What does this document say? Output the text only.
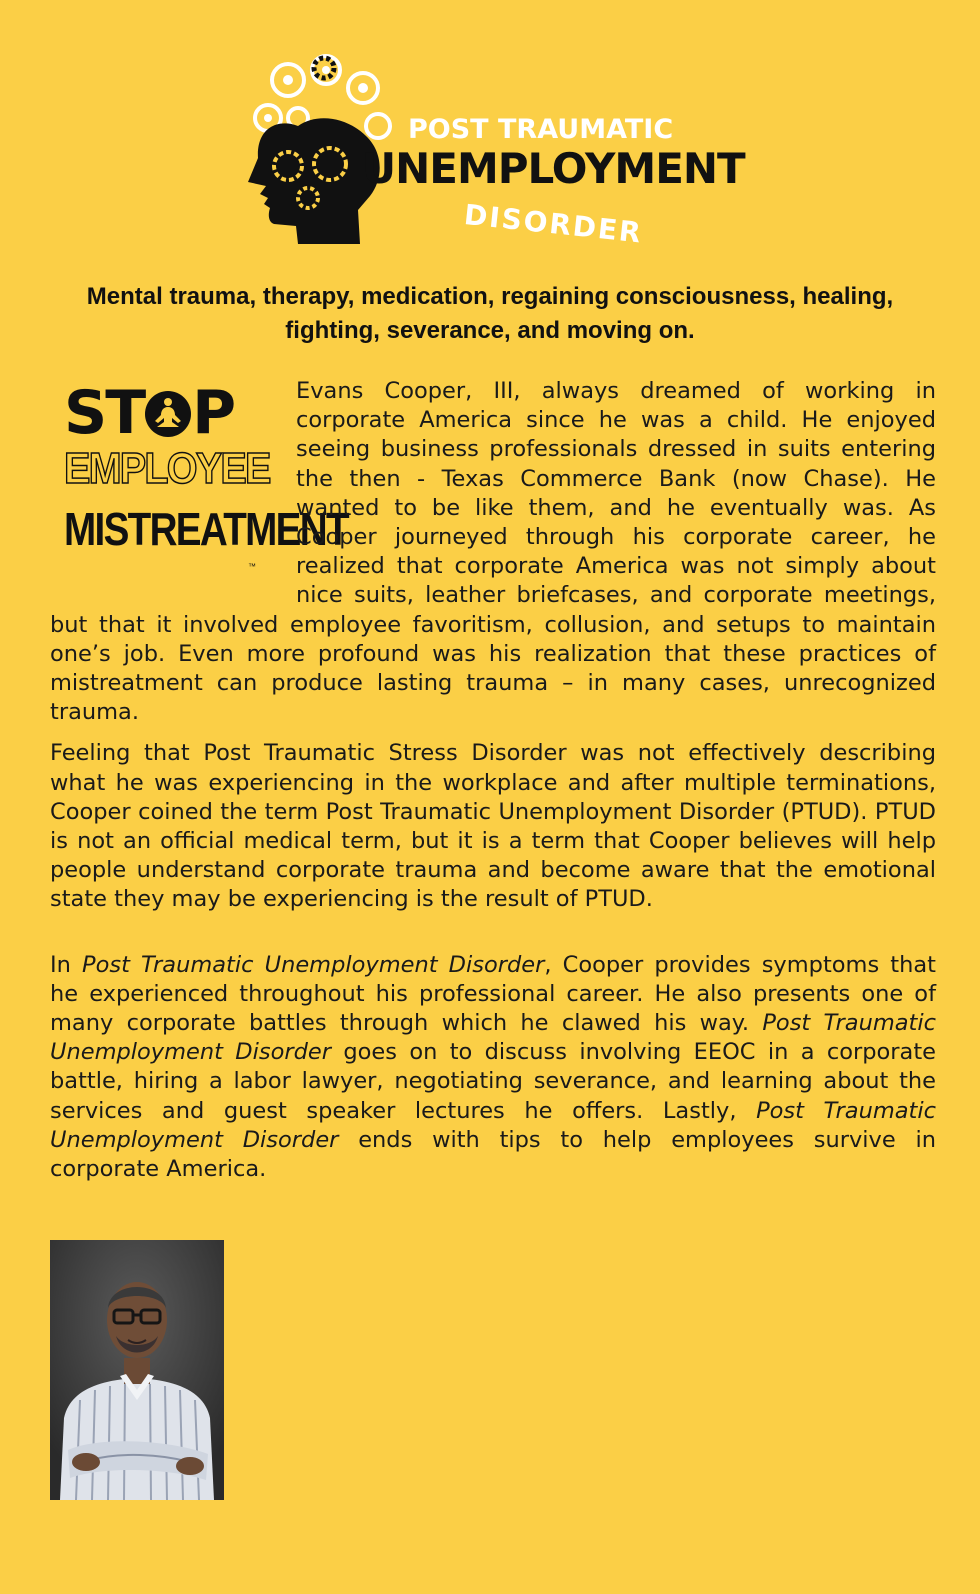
POST TRAUMATIC
UNEMPLOYMENT
DISORDER
Mental trauma, therapy, medication, regaining consciousness, healing, fighting, severance, and moving on.
ST P
EMPLOYEE
MISTREATMENT
™

Evans Cooper, III, always dreamed of working in corporate America since he was a child. He enjoyed seeing business professionals dressed in suits entering the then - Texas Commerce Bank (now Chase). He wanted to be like them, and he eventually was. As Cooper journeyed through his corporate career, he realized that corporate America was not simply about nice suits, leather briefcases, and corporate meetings, but that it involved employee favoritism, collusion, and setups to maintain one’s job. Even more profound was his realization that these practices of mistreatment can produce lasting trauma – in many cases, unrecognized trauma.

Feeling that Post Traumatic Stress Disorder was not effectively describing what he was experiencing in the workplace and after multiple terminations, Cooper coined the term Post Traumatic Unemployment Disorder (PTUD). PTUD is not an official medical term, but it is a term that Cooper believes will help people understand corporate trauma and become aware that the emotional state they may be experiencing is the result of PTUD.

In Post Traumatic Unemployment Disorder, Cooper provides symptoms that he experienced throughout his professional career. He also presents one of many corporate battles through which he clawed his way. Post Traumatic Unemployment Disorder goes on to discuss involving EEOC in a corporate battle, hiring a labor lawyer, negotiating severance, and learning about the services and guest speaker lectures he offers. Lastly, Post Traumatic Unemployment Disorder ends with tips to help employees survive in corporate America.
